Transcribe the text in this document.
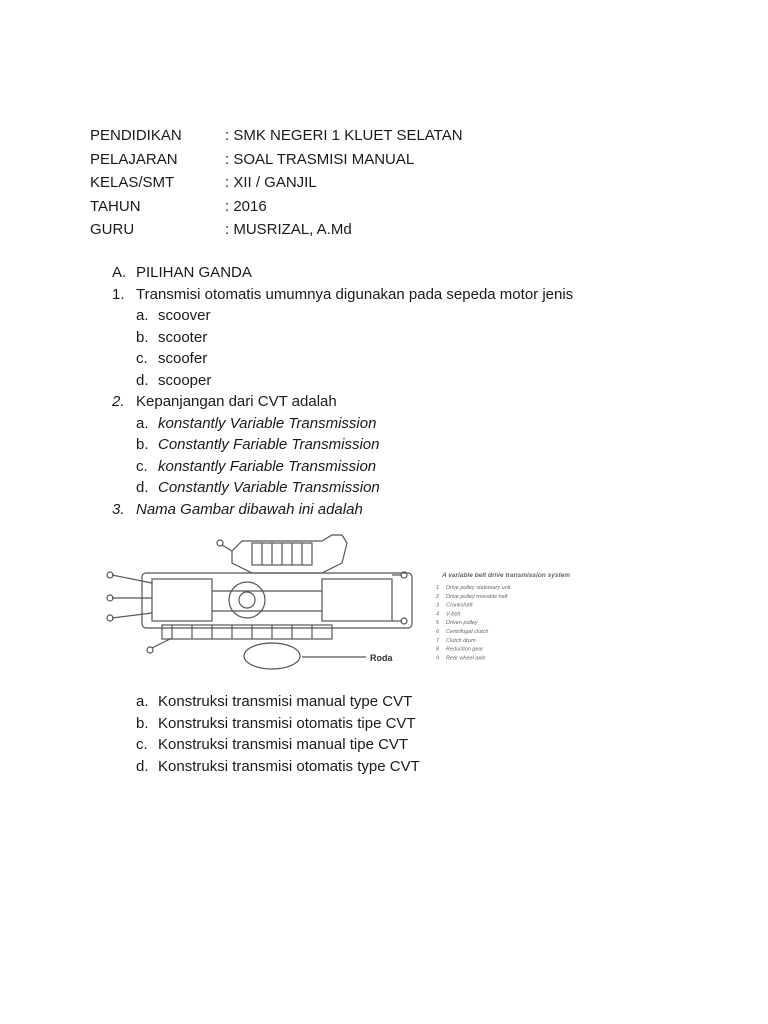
PENDIDIKAN	: SMK NEGERI 1 KLUET SELATAN
PELAJARAN	: SOAL TRASMISI MANUAL
KELAS/SMT	: XII / GANJIL
TAHUN	: 2016
GURU	: MUSRIZAL, A.Md
A. PILIHAN GANDA
1. Transmisi otomatis umumnya digunakan pada sepeda motor jenis
a. scoover
b. scooter
c. scoofer
d. scooper
2. Kepanjangan dari CVT adalah
a. konstantly Variable Transmission
b. Constantly Fariable Transmission
c. konstantly Fariable Transmission
d. Constantly Variable Transmission
3. Nama Gambar dibawah ini adalah
Roda
A variable belt drive transmission system
1 Drive pulley stationary unit
2 Drive pulley movable half
3 Crankshaft
4 V-belt
5 Driven pulley
6 Centrifugal clutch
7 Clutch drum
8 Reduction gear
9 Rear wheel axle
a. Konstruksi transmisi manual type CVT
b. Konstruksi transmisi otomatis tipe CVT
c. Konstruksi transmisi manual tipe CVT
d. Konstruksi transmisi otomatis type CVT
